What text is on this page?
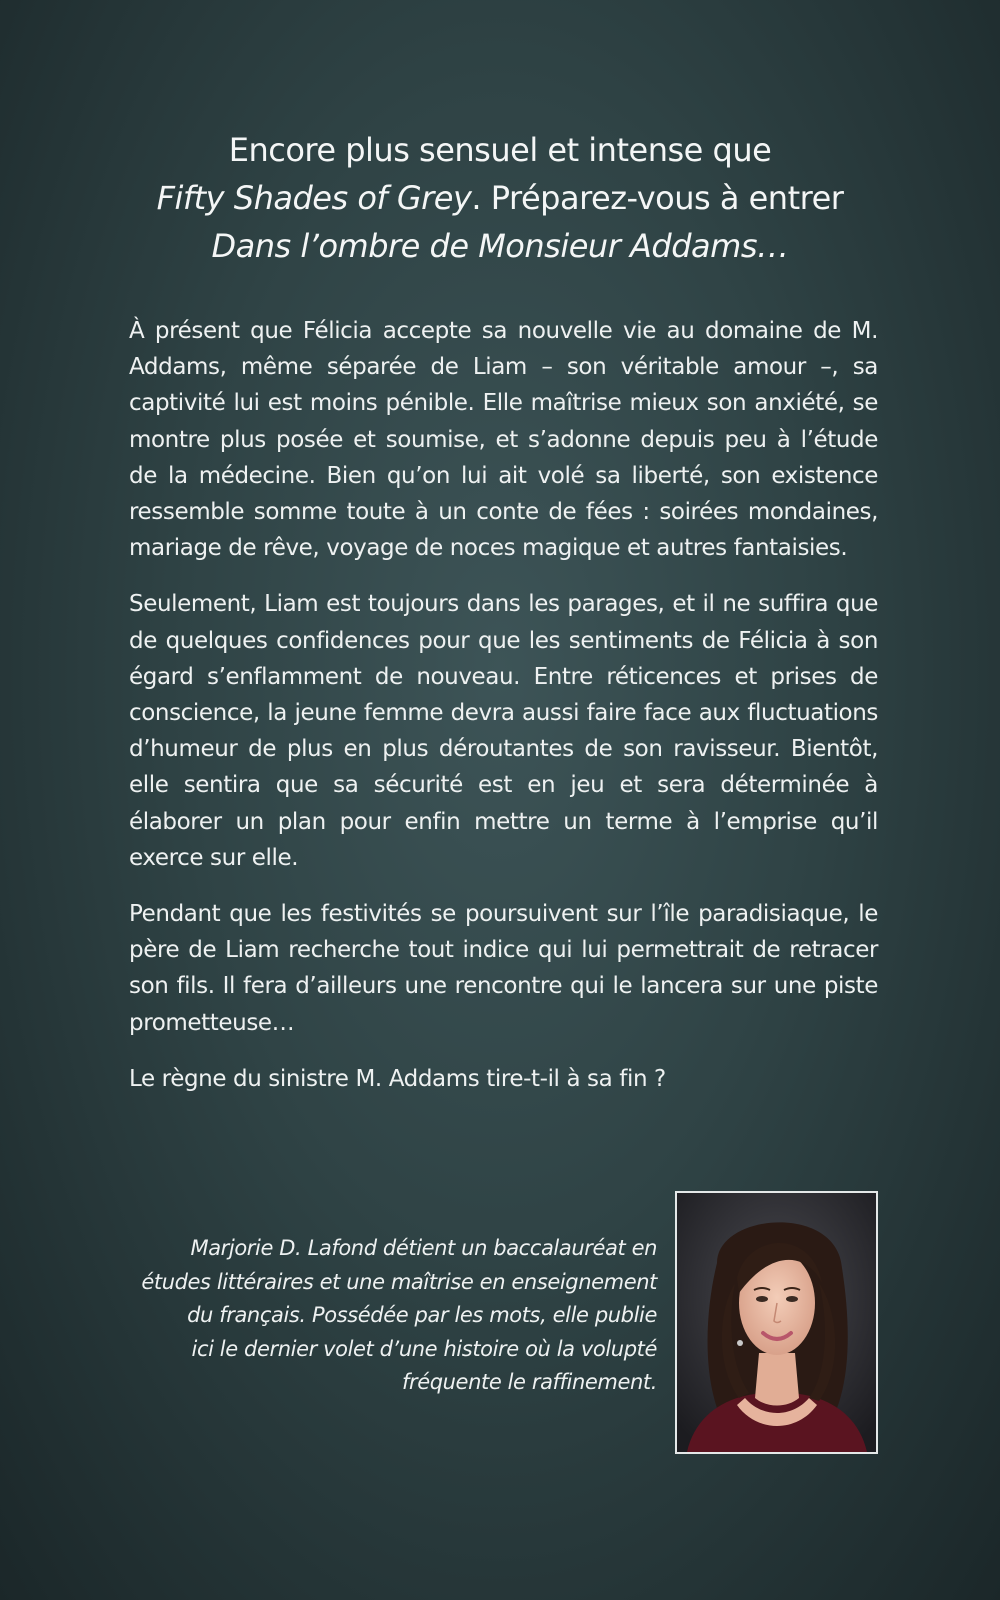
Encore plus sensuel et intense que
Fifty Shades of Grey. Préparez-vous à entrer
Dans l’ombre de Monsieur Addams…

À présent que Félicia accepte sa nouvelle vie au domaine de M. Addams, même séparée de Liam – son véritable amour –, sa captivité lui est moins pénible. Elle maîtrise mieux son anxiété, se montre plus posée et soumise, et s’adonne depuis peu à l’étude de la médecine. Bien qu’on lui ait volé sa liberté, son existence ressemble somme toute à un conte de fées : soirées mondaines, mariage de rêve, voyage de noces magique et autres fantaisies.

Seulement, Liam est toujours dans les parages, et il ne suffira que de quelques confidences pour que les sentiments de Félicia à son égard s’enflamment de nouveau. Entre réticences et prises de conscience, la jeune femme devra aussi faire face aux fluctuations d’humeur de plus en plus déroutantes de son ravisseur. Bientôt, elle sentira que sa sécurité est en jeu et sera déterminée à élaborer un plan pour enfin mettre un terme à l’emprise qu’il exerce sur elle.

Pendant que les festivités se poursuivent sur l’île paradisiaque, le père de Liam recherche tout indice qui lui permettrait de retracer son fils. Il fera d’ailleurs une rencontre qui le lancera sur une piste prometteuse…

Le règne du sinistre M. Addams tire-t-il à sa fin ?

Marjorie D. Lafond détient un baccalauréat en
études littéraires et une maîtrise en enseignement
du français. Possédée par les mots, elle publie
ici le dernier volet d’une histoire où la volupté
fréquente le raffinement.
